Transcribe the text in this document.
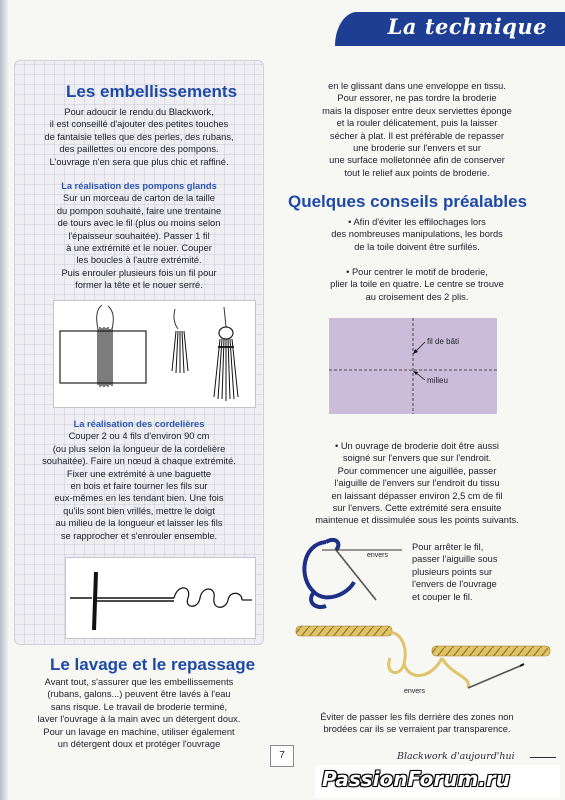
La technique
Les embellissements

Pour adoucir le rendu du Blackwork,

il est conseillé d'ajouter des petites touches

de fantaisie telles que des perles, des rubans,

des paillettes ou encore des pompons.

L'ouvrage n'en sera que plus chic et raffiné.

La réalisation des pompons glands

Sur un morceau de carton de la taille

du pompon souhaité, faire une trentaine

de tours avec le fil (plus ou moins selon

l'épaisseur souhaitée). Passer 1 fil

à une extrémité et le nouer. Couper

les boucles à l'autre extrémité.

Puis enrouler plusieurs fois un fil pour

former la tête et le nouer serré.

La réalisation des cordelières

Couper 2 ou 4 fils d'environ 90 cm

(ou plus selon la longueur de la cordelière

souhaitée). Faire un nœud à chaque extrémité.

Fixer une extrémité à une baguette

en bois et faire tourner les fils sur

eux-mêmes en les tendant bien. Une fois

qu'ils sont bien vrillés, mettre le doigt

au milieu de la longueur et laisser les fils

se rapprocher et s'enrouler ensemble.

Le lavage et le repassage

Avant tout, s'assurer que les embellissements

(rubans, galons...) peuvent être lavés à l'eau

sans risque. Le travail de broderie terminé,

laver l'ouvrage à la main avec un détergent doux.

Pour un lavage en machine, utiliser également

un détergent doux et protéger l'ouvrage

en le glissant dans une enveloppe en tissu.

Pour essorer, ne pas tordre la broderie

mais la disposer entre deux serviettes éponge

et la rouler délicatement, puis la laisser

sécher à plat. Il est préférable de repasser

une broderie sur l'envers et sur

une surface molletonnée afin de conserver

tout le relief aux points de broderie.

Quelques conseils préalables

• Afin d'éviter les effilochages lors

des nombreuses manipulations, les bords

de la toile doivent être surfilés.

• Pour centrer le motif de broderie,

plier la toile en quatre. Le centre se trouve

au croisement des 2 plis.

fil de bâti
milieu

• Un ouvrage de broderie doit être aussi

soigné sur l'envers que sur l'endroit.

Pour commencer une aiguillée, passer

l'aiguille de l'envers sur l'endroit du tissu

en laissant dépasser environ 2,5 cm de fil

sur l'envers. Cette extrémité sera ensuite

maintenue et dissimulée sous les points suivants.

envers

Pour arrêter le fil,

passer l'aiguille sous

plusieurs points sur

l'envers de l'ouvrage

et couper le fil.

envers

Éviter de passer les fils derrière des zones non

brodées car ils se verraient par transparence.

7	Blackwork d'aujourd'hui
PassionForum.ru
